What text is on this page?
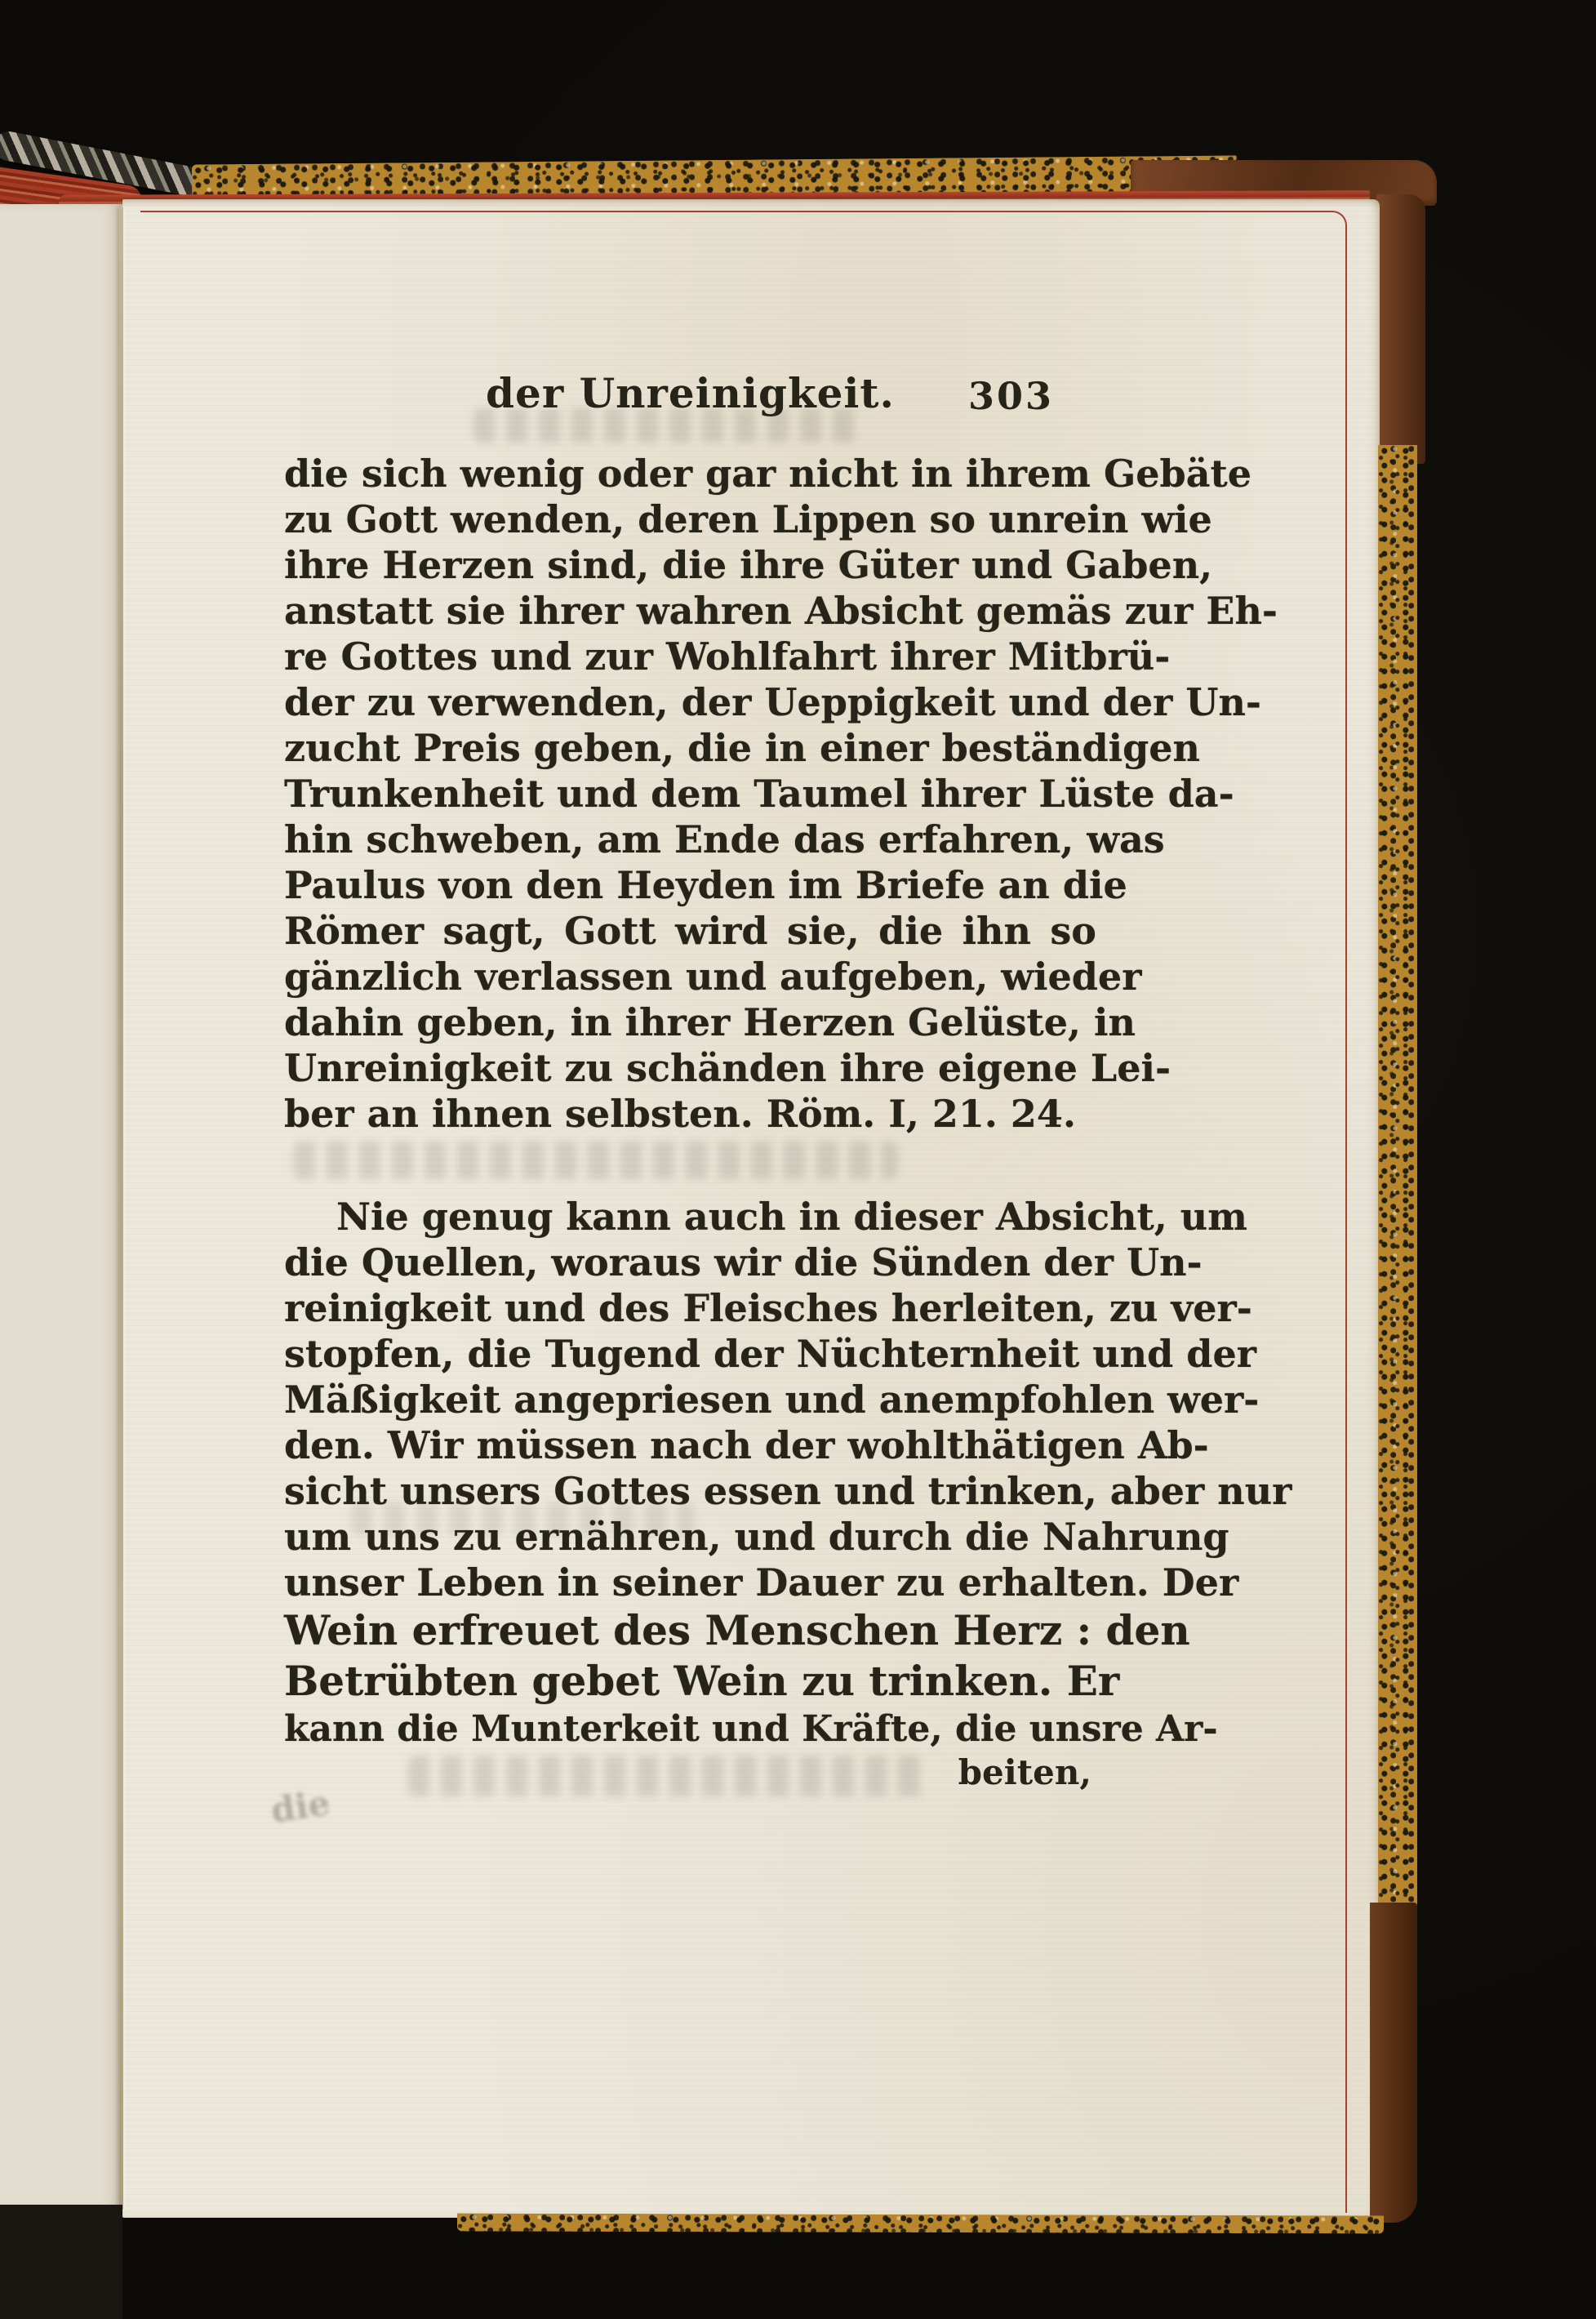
die
der Unreinigkeit.	303
die sich wenig oder gar nicht in ihrem Gebäte
zu Gott wenden, deren Lippen so unrein wie
ihre Herzen sind, die ihre Güter und Gaben,
anstatt sie ihrer wahren Absicht gemäs zur Eh-
re Gottes und zur Wohlfahrt ihrer Mitbrü-
der zu verwenden, der Ueppigkeit und der Un-
zucht Preis geben, die in einer beständigen
Trunkenheit und dem Taumel ihrer Lüste da-
hin schweben, am Ende das erfahren, was
Paulus von den Heyden im Briefe an die
Römer sagt, Gott wird sie, die ihn so
gänzlich verlassen und aufgeben, wieder
dahin geben, in ihrer Herzen Gelüste, in
Unreinigkeit zu schänden ihre eigene Lei-
ber an ihnen selbsten. Röm. I, 21. 24.
Nie genug kann auch in dieser Absicht, um
die Quellen, woraus wir die Sünden der Un-
reinigkeit und des Fleisches herleiten, zu ver-
stopfen, die Tugend der Nüchternheit und der
Mäßigkeit angepriesen und anempfohlen wer-
den. Wir müssen nach der wohlthätigen Ab-
sicht unsers Gottes essen und trinken, aber nur
um uns zu ernähren, und durch die Nahrung
unser Leben in seiner Dauer zu erhalten. Der
Wein erfreuet des Menschen Herz : den
Betrübten gebet Wein zu trinken. Er
kann die Munterkeit und Kräfte, die unsre Ar-
beiten,
